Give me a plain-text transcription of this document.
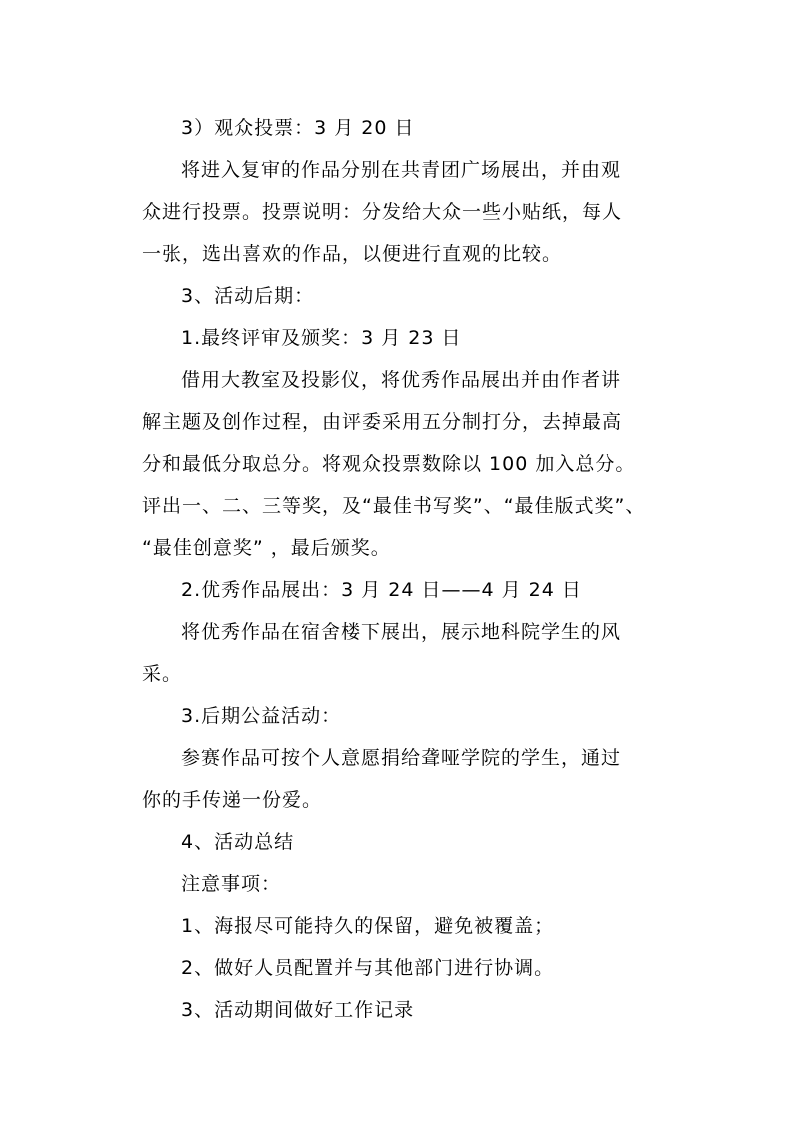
3）观众投票：3 月 20 日
将进入复审的作品分别在共青团广场展出，并由观
众进行投票。投票说明：分发给大众一些小贴纸，每人
一张，选出喜欢的作品，以便进行直观的比较。
3、活动后期：
1.最终评审及颁奖：3 月 23 日
借用大教室及投影仪，将优秀作品展出并由作者讲
解主题及创作过程，由评委采用五分制打分，去掉最高
分和最低分取总分。将观众投票数除以 100 加入总分。
评出一、二、三等奖，及“最佳书写奖”、“最佳版式奖”、
“最佳创意奖” ，最后颁奖。
2.优秀作品展出：3 月 24 日——4 月 24 日
将优秀作品在宿舍楼下展出，展示地科院学生的风
采。
3.后期公益活动：
参赛作品可按个人意愿捐给聋哑学院的学生，通过
你的手传递一份爱。
4、活动总结
注意事项：
1、海报尽可能持久的保留，避免被覆盖；
2、做好人员配置并与其他部门进行协调。
3、活动期间做好工作记录
